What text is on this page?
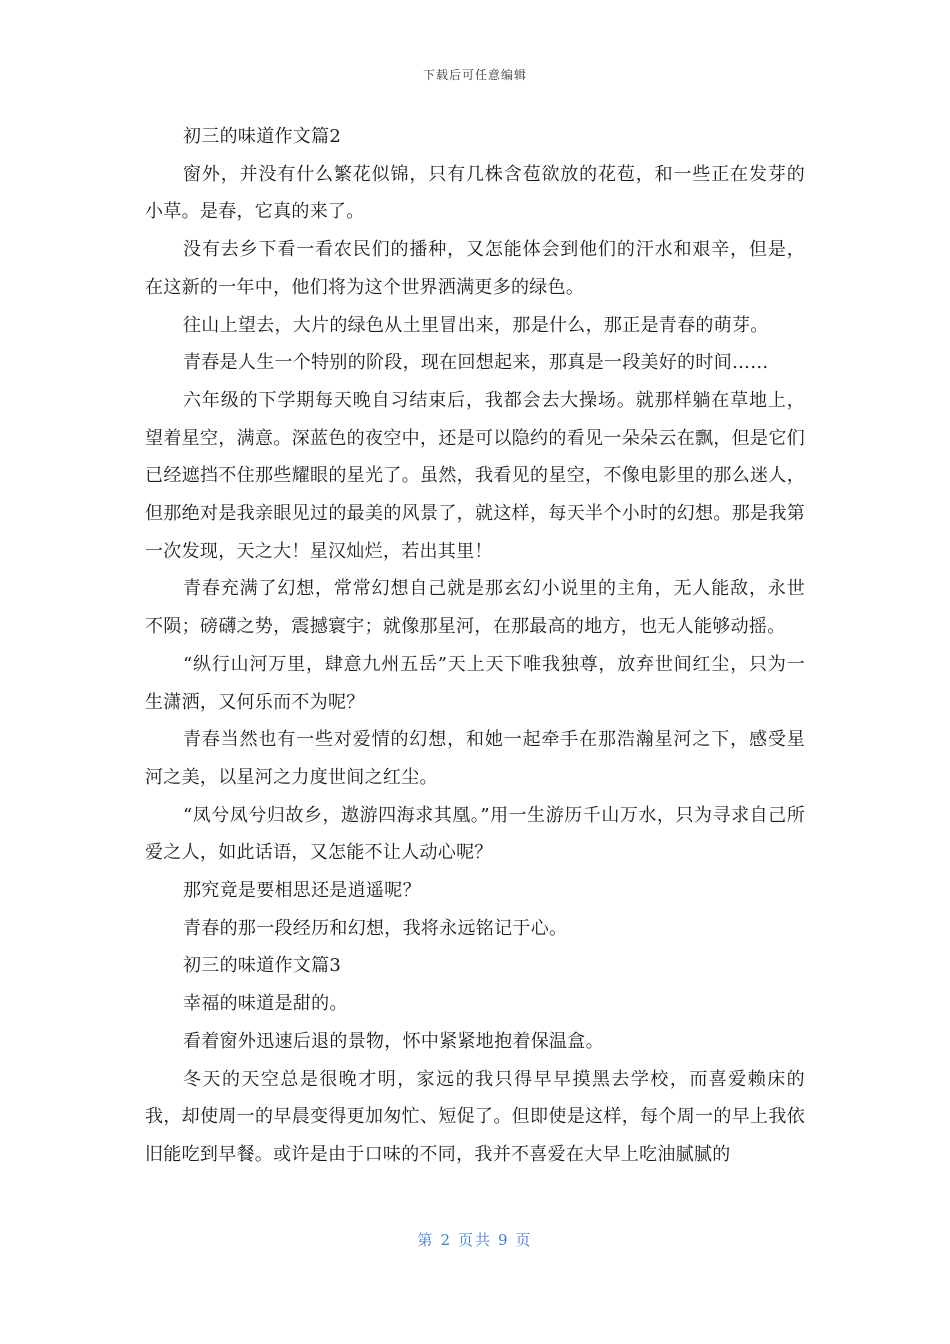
下载后可任意编辑

初三的味道作文篇2

窗外，并没有什么繁花似锦，只有几株含苞欲放的花苞，和一些正在发芽的小草。是春，它真的来了。

没有去乡下看一看农民们的播种，又怎能体会到他们的汗水和艰辛，但是，在这新的一年中，他们将为这个世界洒满更多的绿色。

往山上望去，大片的绿色从土里冒出来，那是什么，那正是青春的萌芽。

青春是人生一个特别的阶段，现在回想起来，那真是一段美好的时间……

六年级的下学期每天晚自习结束后，我都会去大操场。就那样躺在草地上，望着星空，满意。深蓝色的夜空中，还是可以隐约的看见一朵朵云在飘，但是它们已经遮挡不住那些耀眼的星光了。虽然，我看见的星空，不像电影里的那么迷人，但那绝对是我亲眼见过的最美的风景了，就这样，每天半个小时的幻想。那是我第一次发现，天之大！星汉灿烂，若出其里！

青春充满了幻想，常常幻想自己就是那玄幻小说里的主角，无人能敌，永世不陨；磅礴之势，震撼寰宇；就像那星河，在那最高的地方，也无人能够动摇。

“纵行山河万里，肆意九州五岳”天上天下唯我独尊，放弃世间红尘，只为一生潇洒，又何乐而不为呢？

青春当然也有一些对爱情的幻想，和她一起牵手在那浩瀚星河之下，感受星河之美，以星河之力度世间之红尘。

“凤兮凤兮归故乡，遨游四海求其凰。”用一生游历千山万水，只为寻求自己所爱之人，如此话语，又怎能不让人动心呢？

那究竟是要相思还是逍遥呢？

青春的那一段经历和幻想，我将永远铭记于心。

初三的味道作文篇3

幸福的味道是甜的。

看着窗外迅速后退的景物，怀中紧紧地抱着保温盒。

冬天的天空总是很晚才明，家远的我只得早早摸黑去学校，而喜爱赖床的我，却使周一的早晨变得更加匆忙、短促了。但即使是这样，每个周一的早上我依旧能吃到早餐。或许是由于口味的不同，我并不喜爱在大早上吃油腻腻的

第 2 页共 9 页
